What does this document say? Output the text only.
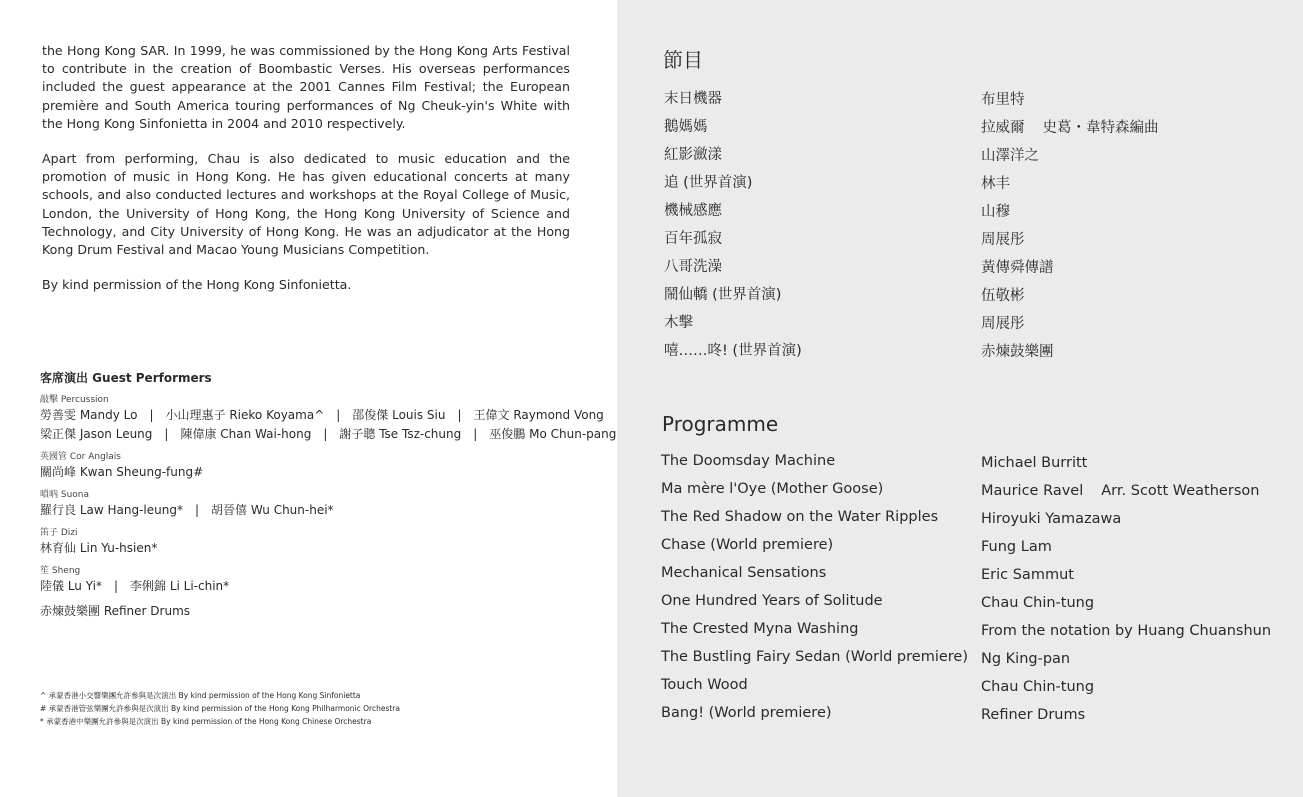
the Hong Kong SAR. In 1999, he was commissioned by the Hong Kong Arts Festival to contribute in the creation of Boombastic Verses. His overseas performances included the guest appearance at the 2001 Cannes Film Festival; the European première and South America touring performances of Ng Cheuk-yin's White with the Hong Kong Sinfonietta in 2004 and 2010 respectively.

Apart from performing, Chau is also dedicated to music education and the promotion of music in Hong Kong. He has given educational concerts at many schools, and also conducted lectures and workshops at the Royal College of Music, London, the University of Hong Kong, the Hong Kong University of Science and Technology, and City University of Hong Kong. He was an adjudicator at the Hong Kong Drum Festival and Macao Young Musicians Competition.

By kind permission of the Hong Kong Sinfonietta.

客席演出 Guest Performers
敲擊 Percussion
勞善雯 Mandy Lo | 小山理惠子 Rieko Koyama^ | 邵俊傑 Louis Siu | 王偉文 Raymond Vong
梁正傑 Jason Leung | 陳偉康 Chan Wai-hong | 謝子聰 Tse Tsz-chung | 巫俊鵬 Mo Chun-pang
英國管 Cor Anglais
關尚峰 Kwan Sheung-fung#
嗩吶 Suona
羅行良 Law Hang-leung* | 胡晉僖 Wu Chun-hei*
笛子 Dizi
林育仙 Lin Yu-hsien*
笙 Sheng
陸儀 Lu Yi* | 李俐錦 Li Li-chin*
赤煉鼓樂團 Refiner Drums
^ 承蒙香港小交響樂團允許參與是次演出 By kind permission of the Hong Kong Sinfonietta
# 承蒙香港管弦樂團允許參與是次演出 By kind permission of the Hong Kong Philharmonic Orchestra
* 承蒙香港中樂團允許參與是次演出 By kind permission of the Hong Kong Chinese Orchestra
節目
末日機器
鵝媽媽
紅影瀲漾
追 (世界首演)
機械感應
百年孤寂
八哥洗澡
鬧仙轎 (世界首演)
木擊
嘻……咚! (世界首演)
布里特
拉威爾 史葛・韋特森編曲
山澤洋之
林丰
山穆
周展彤
黃傳舜傳譜
伍敬彬
周展彤
赤煉鼓樂團
Programme
The Doomsday Machine
Ma mère l'Oye (Mother Goose)
The Red Shadow on the Water Ripples
Chase (World premiere)
Mechanical Sensations
One Hundred Years of Solitude
The Crested Myna Washing
The Bustling Fairy Sedan (World premiere)
Touch Wood
Bang! (World premiere)
Michael Burritt
Maurice Ravel Arr. Scott Weatherson
Hiroyuki Yamazawa
Fung Lam
Eric Sammut
Chau Chin-tung
From the notation by Huang Chuanshun
Ng King-pan
Chau Chin-tung
Refiner Drums
